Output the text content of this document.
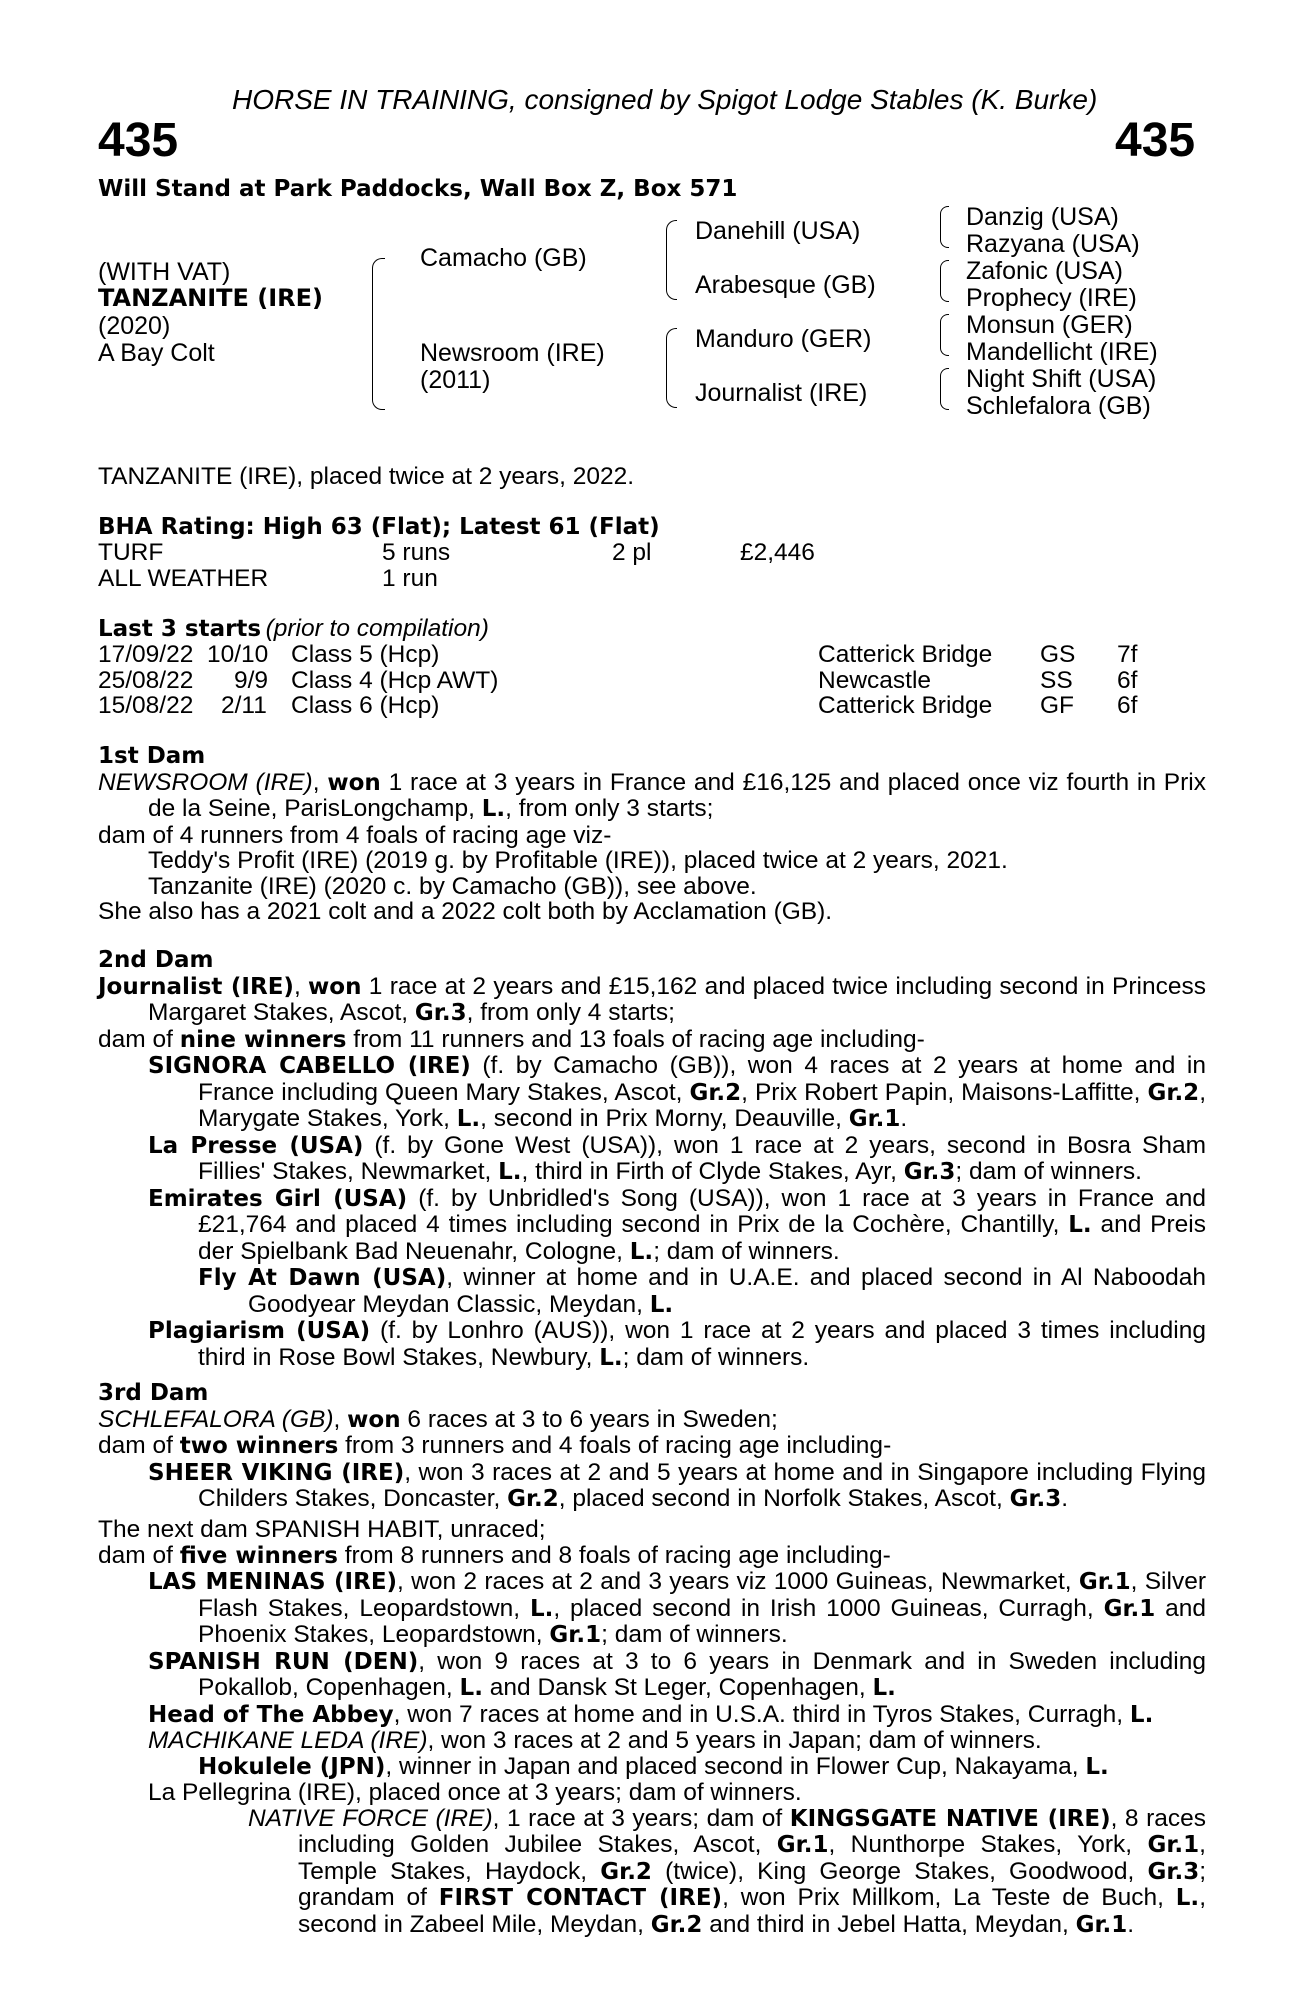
HORSE IN TRAINING, consigned by Spigot Lodge Stables (K. Burke)
435	435
Will Stand at Park Paddocks, Wall Box Z, Box 571
(WITH VAT)
TANZANITE (IRE)
(2020)
A Bay Colt
Camacho (GB)
Newsroom (IRE)
(2011)
Danehill (USA)
Arabesque (GB)
Manduro (GER)
Journalist (IRE)
Danzig (USA)
Razyana (USA)
Zafonic (USA)
Prophecy (IRE)
Monsun (GER)
Mandellicht (IRE)
Night Shift (USA)
Schlefalora (GB)
TANZANITE (IRE), placed twice at 2 years, 2022.
BHA Rating: High 63 (Flat); Latest 61 (Flat)
TURF	5 runs	2 pl	£2,446
ALL WEATHER	1 run
Last 3 starts (prior to compilation)
17/09/22 10/10 Class 5 (Hcp)	Catterick Bridge GS 7f
25/08/22 9/9 Class 4 (Hcp AWT)	Newcastle	SS 6f
15/08/22 2/11 Class 6 (Hcp)	Catterick Bridge GF 6f

1st Dam

NEWSROOM (IRE), won 1 race at 3 years in France and £16,125 and placed once viz fourth in Prix de la Seine, ParisLongchamp, L., from only 3 starts;

dam of 4 runners from 4 foals of racing age viz-

Teddy's Profit (IRE) (2019 g. by Profitable (IRE)), placed twice at 2 years, 2021.

Tanzanite (IRE) (2020 c. by Camacho (GB)), see above.

She also has a 2021 colt and a 2022 colt both by Acclamation (GB).

2nd Dam

Journalist (IRE), won 1 race at 2 years and £15,162 and placed twice including second in Princess Margaret Stakes, Ascot, Gr.3, from only 4 starts;

dam of nine winners from 11 runners and 13 foals of racing age including-

SIGNORA CABELLO (IRE) (f. by Camacho (GB)), won 4 races at 2 years at home and in France including Queen Mary Stakes, Ascot, Gr.2, Prix Robert Papin, Maisons-Laffitte, Gr.2, Marygate Stakes, York, L., second in Prix Morny, Deauville, Gr.1.

La Presse (USA) (f. by Gone West (USA)), won 1 race at 2 years, second in Bosra Sham Fillies' Stakes, Newmarket, L., third in Firth of Clyde Stakes, Ayr, Gr.3; dam of winners.

Emirates Girl (USA) (f. by Unbridled's Song (USA)), won 1 race at 3 years in France and £21,764 and placed 4 times including second in Prix de la Cochère, Chantilly, L. and Preis der Spielbank Bad Neuenahr, Cologne, L.; dam of winners.

Fly At Dawn (USA), winner at home and in U.A.E. and placed second in Al Naboodah Goodyear Meydan Classic, Meydan, L.

Plagiarism (USA) (f. by Lonhro (AUS)), won 1 race at 2 years and placed 3 times including third in Rose Bowl Stakes, Newbury, L.; dam of winners.

3rd Dam

SCHLEFALORA (GB), won 6 races at 3 to 6 years in Sweden;

dam of two winners from 3 runners and 4 foals of racing age including-

SHEER VIKING (IRE), won 3 races at 2 and 5 years at home and in Singapore including Flying Childers Stakes, Doncaster, Gr.2, placed second in Norfolk Stakes, Ascot, Gr.3.

The next dam SPANISH HABIT, unraced;

dam of five winners from 8 runners and 8 foals of racing age including-

LAS MENINAS (IRE), won 2 races at 2 and 3 years viz 1000 Guineas, Newmarket, Gr.1, Silver Flash Stakes, Leopardstown, L., placed second in Irish 1000 Guineas, Curragh, Gr.1 and Phoenix Stakes, Leopardstown, Gr.1; dam of winners.

SPANISH RUN (DEN), won 9 races at 3 to 6 years in Denmark and in Sweden including Pokallob, Copenhagen, L. and Dansk St Leger, Copenhagen, L.

Head of The Abbey, won 7 races at home and in U.S.A. third in Tyros Stakes, Curragh, L.

MACHIKANE LEDA (IRE), won 3 races at 2 and 5 years in Japan; dam of winners.

Hokulele (JPN), winner in Japan and placed second in Flower Cup, Nakayama, L.

La Pellegrina (IRE), placed once at 3 years; dam of winners.

NATIVE FORCE (IRE), 1 race at 3 years; dam of KINGSGATE NATIVE (IRE), 8 races including Golden Jubilee Stakes, Ascot, Gr.1, Nunthorpe Stakes, York, Gr.1, Temple Stakes, Haydock, Gr.2 (twice), King George Stakes, Goodwood, Gr.3; grandam of FIRST CONTACT (IRE), won Prix Millkom, La Teste de Buch, L., second in Zabeel Mile, Meydan, Gr.2 and third in Jebel Hatta, Meydan, Gr.1.
